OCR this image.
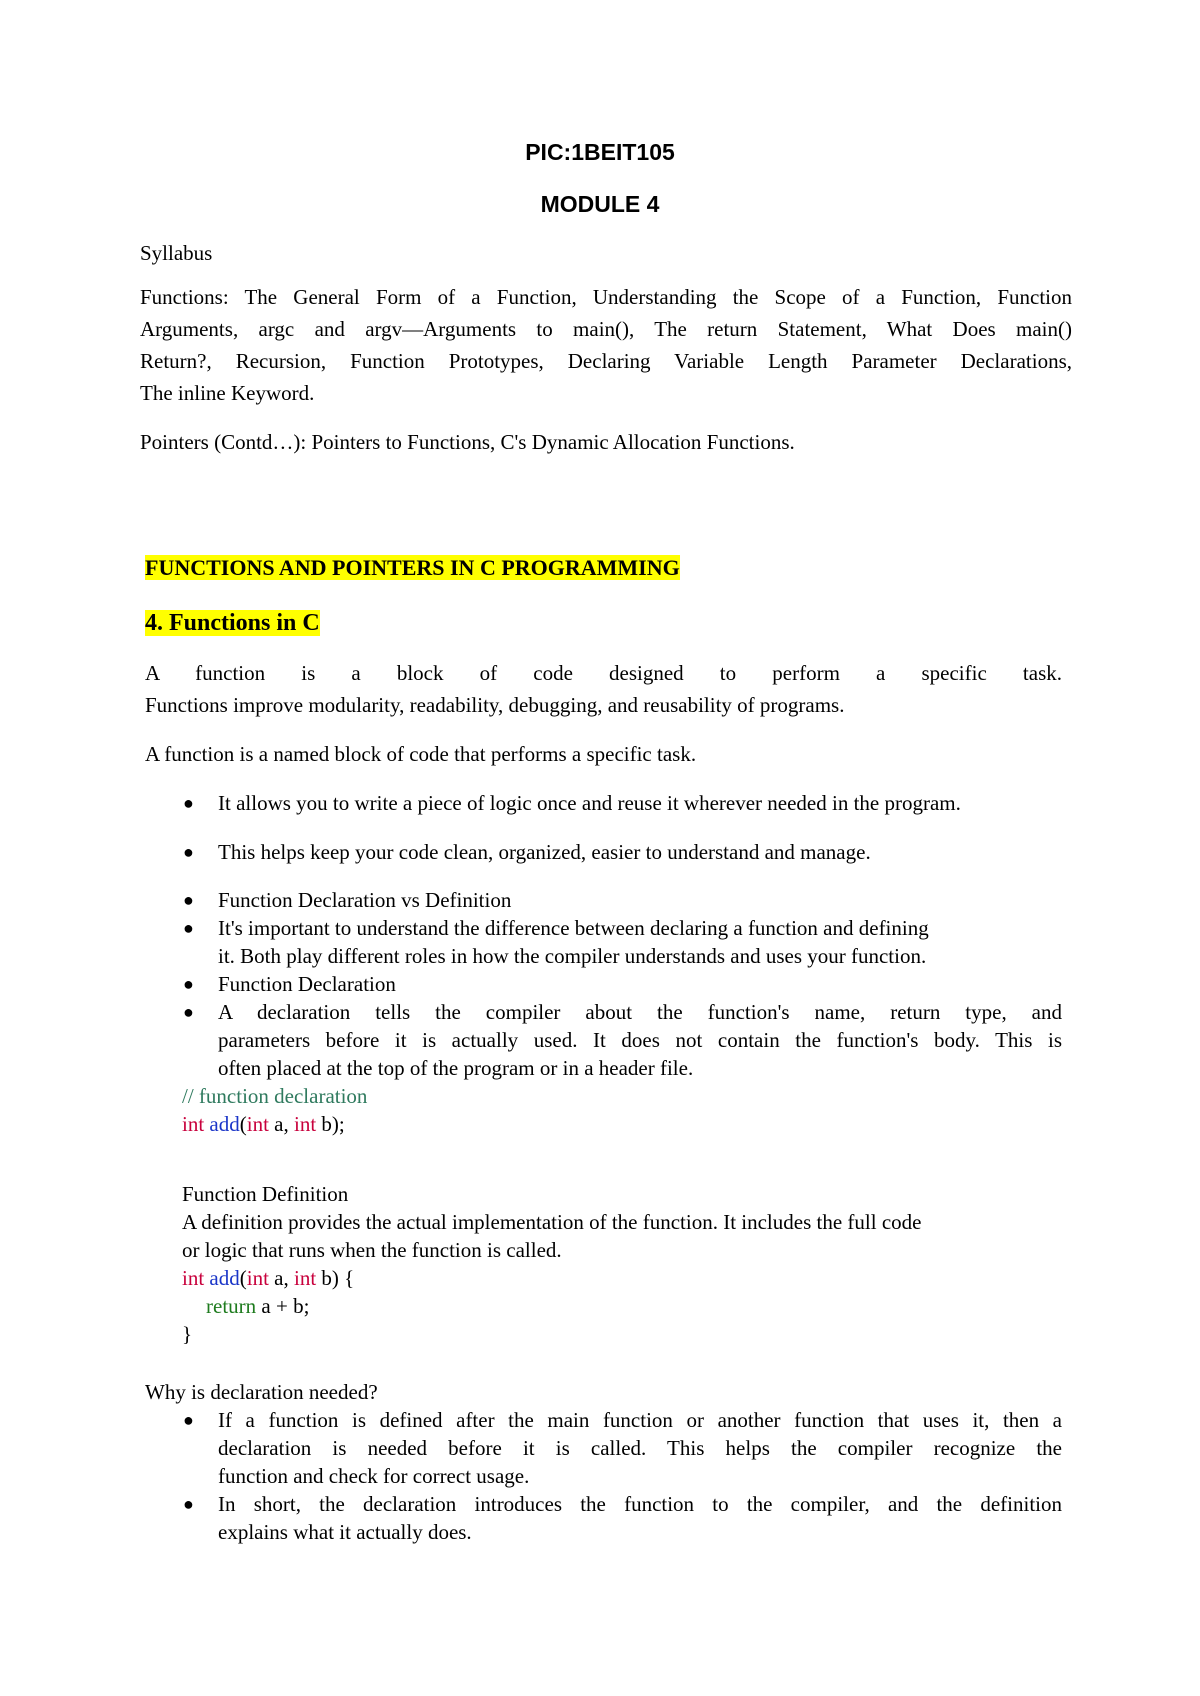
PIC:1BEIT105
MODULE 4
Syllabus
Functions: The General Form of a Function, Understanding the Scope of a Function, Function
Arguments, argc and argv—Arguments to main(), The return Statement, What Does main()
Return?, Recursion, Function Prototypes, Declaring Variable Length Parameter Declarations,
The inline Keyword.
Pointers (Contd…): Pointers to Functions, C's Dynamic Allocation Functions.
FUNCTIONS AND POINTERS IN C PROGRAMMING
4. Functions in C
A function is a block of code designed to perform a specific task.
Functions improve modularity, readability, debugging, and reusability of programs.
A function is a named block of code that performs a specific task.
● It allows you to write a piece of logic once and reuse it wherever needed in the program.
● This helps keep your code clean, organized, easier to understand and manage.
● Function Declaration vs Definition
● It's important to understand the difference between declaring a function and defining
it. Both play different roles in how the compiler understands and uses your function.
● Function Declaration
● A declaration tells the compiler about the function's name, return type, and
parameters before it is actually used. It does not contain the function's body. This is
often placed at the top of the program or in a header file.
// function declaration
int add(int a, int b);
Function Definition
A definition provides the actual implementation of the function. It includes the full code
or logic that runs when the function is called.
int add(int a, int b) {
return a + b;
}
Why is declaration needed?
● If a function is defined after the main function or another function that uses it, then a
declaration is needed before it is called. This helps the compiler recognize the
function and check for correct usage.
● In short, the declaration introduces the function to the compiler, and the definition
explains what it actually does.
